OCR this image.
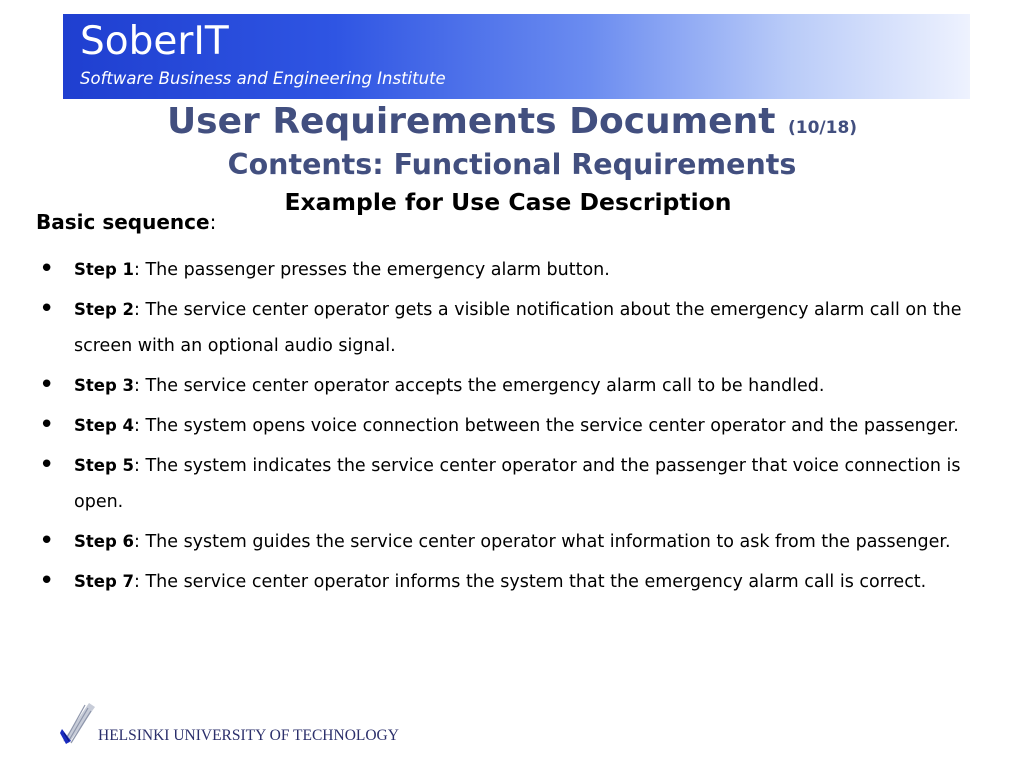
SoberIT
Software Business and Engineering Institute
User Requirements Document (10/18)
Contents: Functional Requirements
Example for Use Case Description
Basic sequence:
• Step 1: The passenger presses the emergency alarm button.
• Step 2: The service center operator gets a visible notification about the emergency alarm call on the screen with an optional audio signal.
• Step 3: The service center operator accepts the emergency alarm call to be handled.
• Step 4: The system opens voice connection between the service center operator and the passenger.
• Step 5: The system indicates the service center operator and the passenger that voice connection is open.
• Step 6: The system guides the service center operator what information to ask from the passenger.
• Step 7: The service center operator informs the system that the emergency alarm call is correct.
HELSINKI UNIVERSITY OF TECHNOLOGY
